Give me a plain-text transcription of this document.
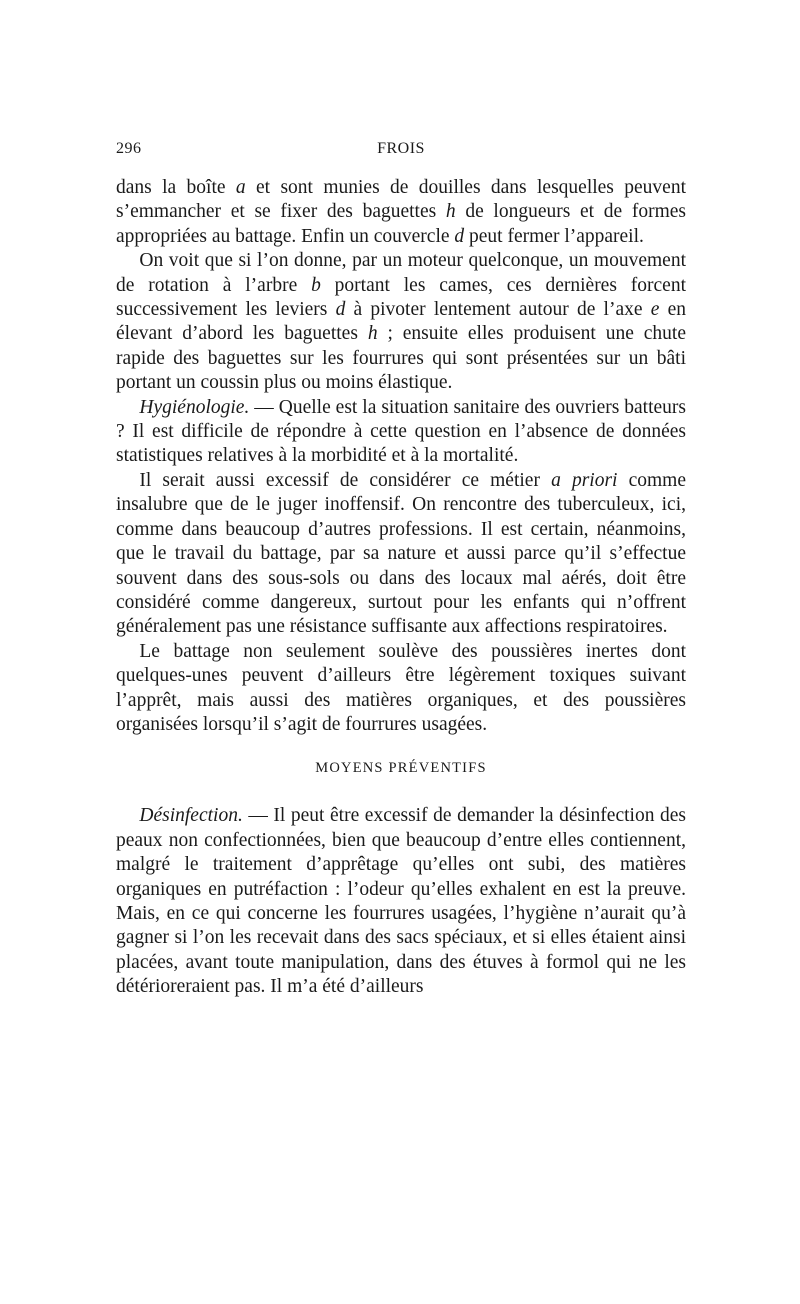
296	FROIS

dans la boîte a et sont munies de douilles dans lesquelles peuvent s’emmancher et se fixer des baguettes h de longueurs et de formes appropriées au battage. Enfin un couvercle d peut fermer l’appareil.

On voit que si l’on donne, par un moteur quelconque, un mouvement de rotation à l’arbre b portant les cames, ces dernières forcent successivement les leviers d à pivoter lentement autour de l’axe e en élevant d’abord les baguettes h ; ensuite elles produisent une chute rapide des baguettes sur les fourrures qui sont présentées sur un bâti portant un coussin plus ou moins élastique.

Hygiénologie. — Quelle est la situation sanitaire des ouvriers batteurs ? Il est difficile de répondre à cette question en l’absence de données statistiques relatives à la morbidité et à la mortalité.

Il serait aussi excessif de considérer ce métier a priori comme insalubre que de le juger inoffensif. On rencontre des tuberculeux, ici, comme dans beaucoup d’autres professions. Il est certain, néanmoins, que le travail du battage, par sa nature et aussi parce qu’il s’effectue souvent dans des sous-sols ou dans des locaux mal aérés, doit être considéré comme dangereux, surtout pour les enfants qui n’offrent généralement pas une résistance suffisante aux affections respiratoires.

Le battage non seulement soulève des poussières inertes dont quelques-unes peuvent d’ailleurs être légèrement toxiques suivant l’apprêt, mais aussi des matières organiques, et des poussières organisées lorsqu’il s’agit de fourrures usagées.

MOYENS PRÉVENTIFS

Désinfection. — Il peut être excessif de demander la désinfection des peaux non confectionnées, bien que beaucoup d’entre elles contiennent, malgré le traitement d’apprêtage qu’elles ont subi, des matières organiques en putréfaction : l’odeur qu’elles exhalent en est la preuve. Mais, en ce qui concerne les fourrures usagées, l’hygiène n’aurait qu’à gagner si l’on les recevait dans des sacs spéciaux, et si elles étaient ainsi placées, avant toute manipulation, dans des étuves à formol qui ne les détérioreraient pas. Il m’a été d’ailleurs
